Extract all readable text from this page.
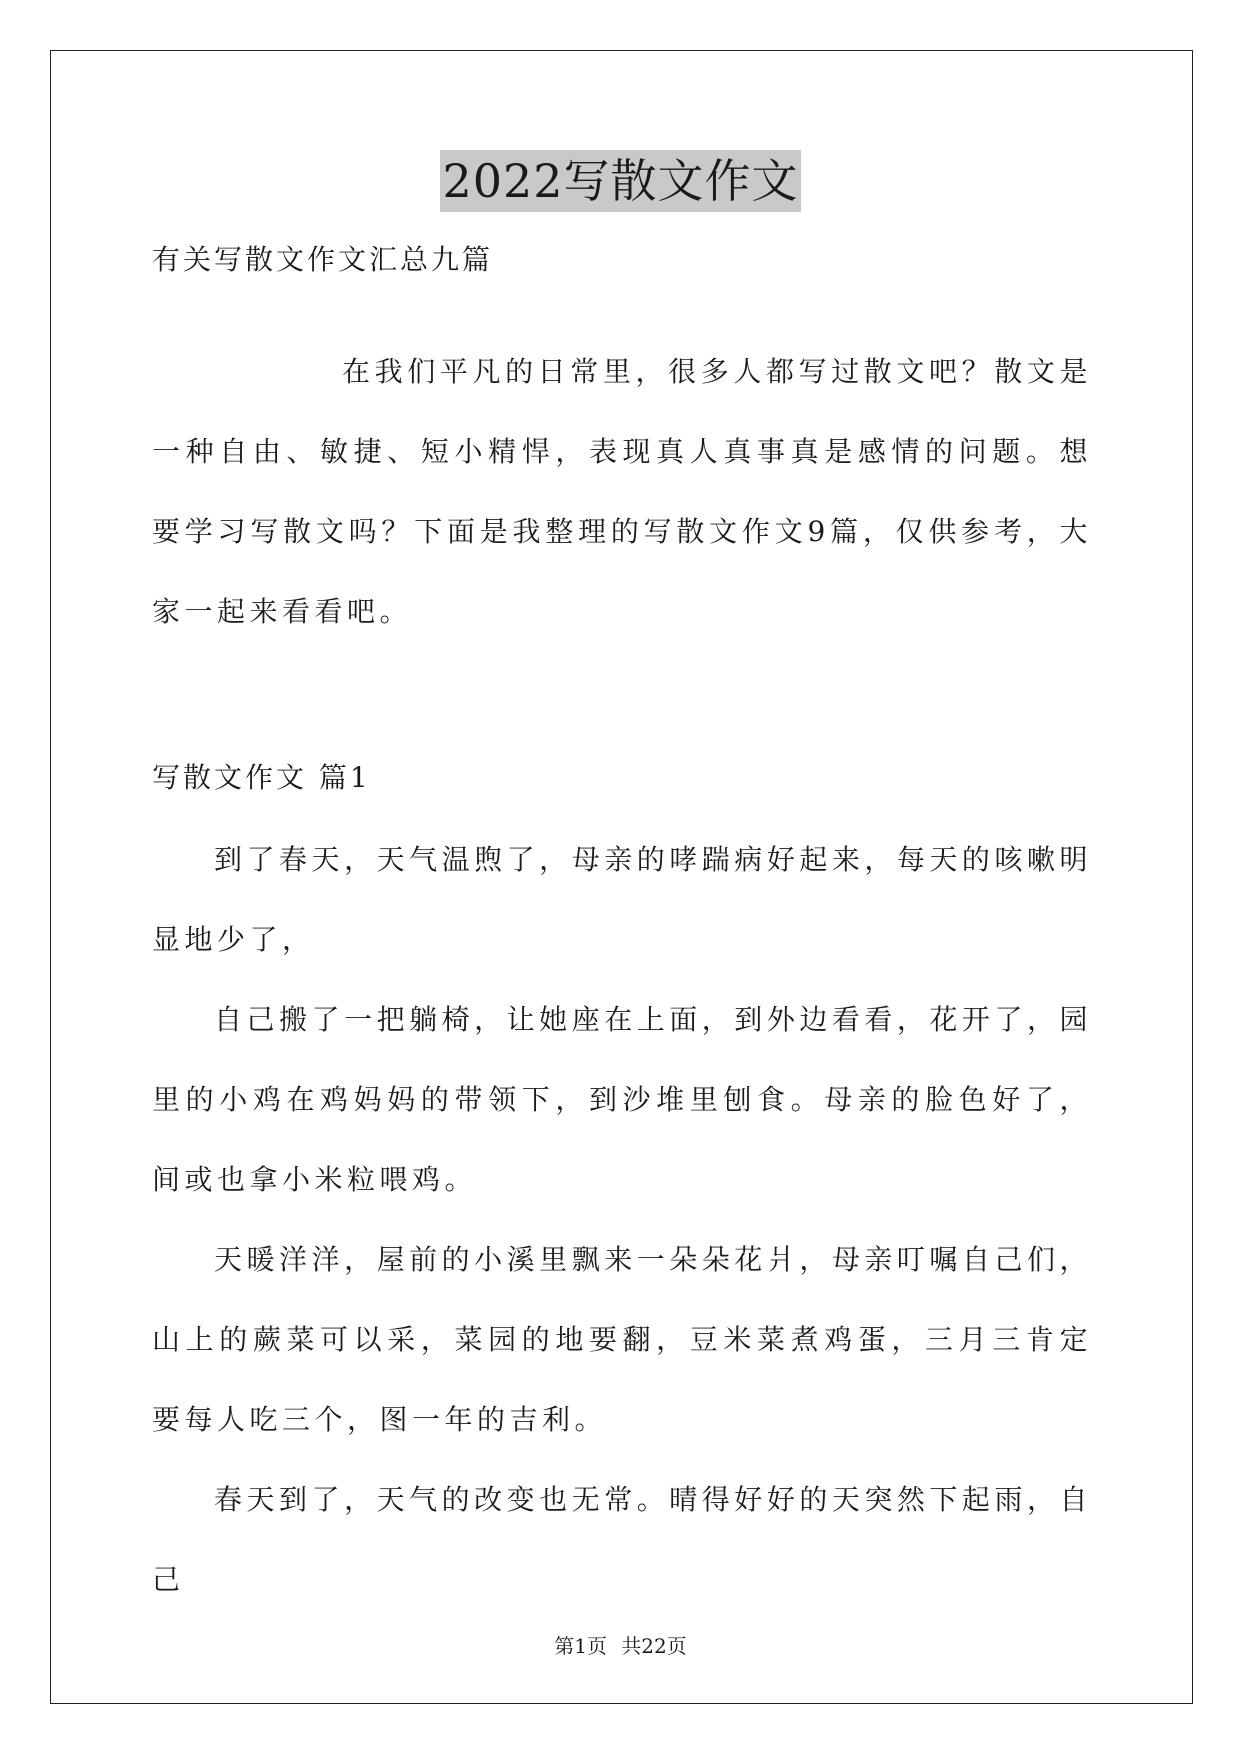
2022写散文作文

有关写散文作文汇总九篇

在我们平凡的日常里，很多人都写过散文吧？散文是一种自由、敏捷、短小精悍，表现真人真事真是感情的问题。想要学习写散文吗？下面是我整理的写散文作文9篇，仅供参考，大家一起来看看吧。

写散文作文 篇1

到了春天，天气温煦了，母亲的哮踹病好起来，每天的咳嗽明显地少了，

自己搬了一把躺椅，让她座在上面，到外边看看，花开了，园里的小鸡在鸡妈妈的带领下，到沙堆里刨食。母亲的脸色好了，间或也拿小米粒喂鸡。

天暖洋洋，屋前的小溪里飘来一朵朵花爿，母亲叮嘱自己们，山上的蕨菜可以采，菜园的地要翻，豆米菜煮鸡蛋，三月三肯定要每人吃三个，图一年的吉利。

春天到了，天气的改变也无常。晴得好好的天突然下起雨，自己

第1页 共22页
